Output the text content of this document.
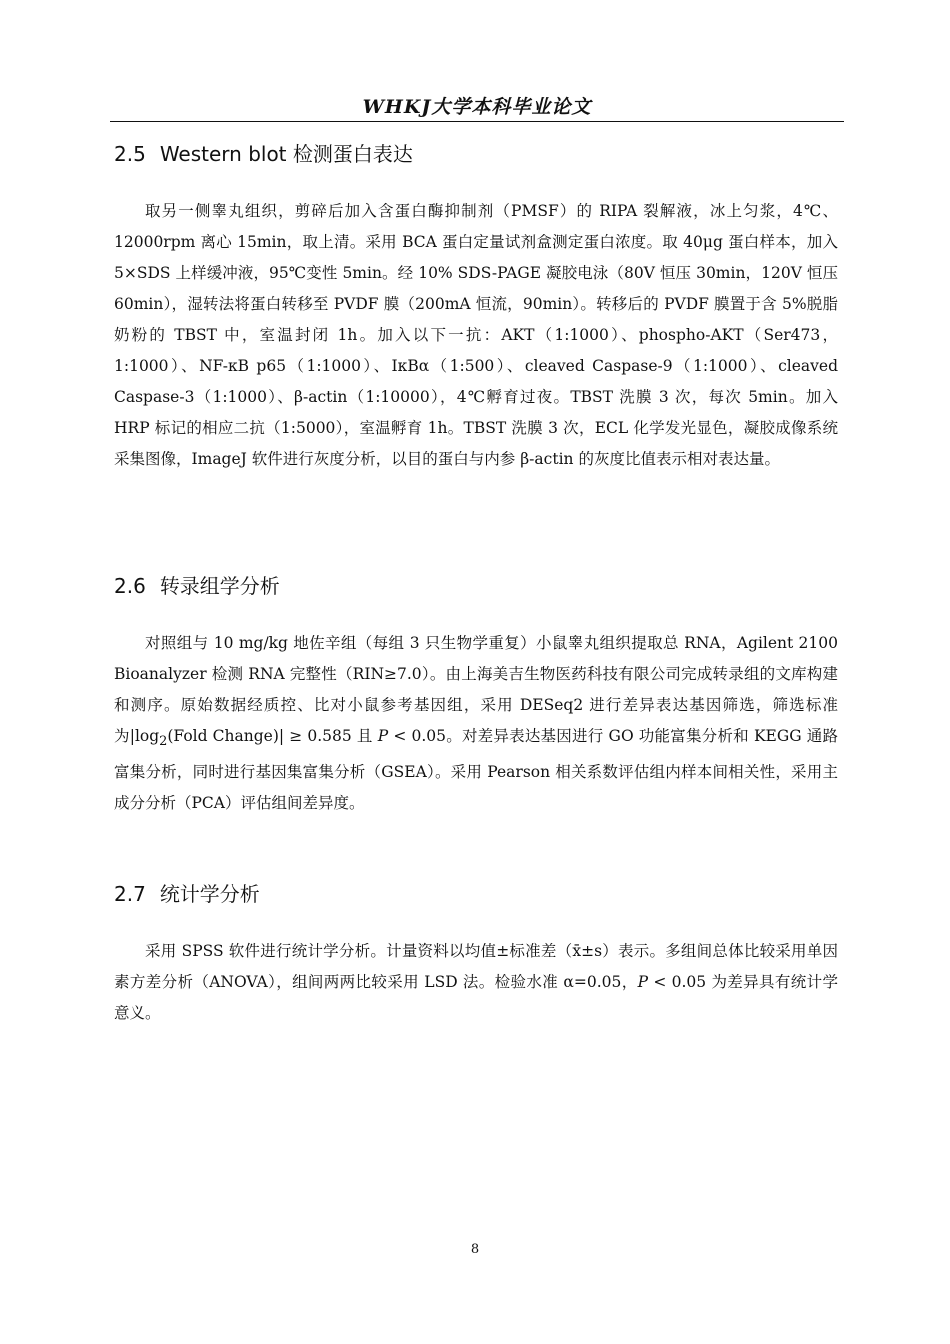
WHKJ大学本科毕业论文
2.5 Western blot 检测蛋白表达

取另一侧睾丸组织，剪碎后加入含蛋白酶抑制剂（PMSF）的 RIPA 裂解液，冰上匀浆，4℃、12000rpm 离心 15min，取上清。采用 BCA 蛋白定量试剂盒测定蛋白浓度。取 40μg 蛋白样本，加入 5×SDS 上样缓冲液，95℃变性 5min。经 10% SDS-PAGE 凝胶电泳（80V 恒压 30min，120V 恒压 60min），湿转法将蛋白转移至 PVDF 膜（200mA 恒流，90min）。转移后的 PVDF 膜置于含 5%脱脂奶粉的 TBST 中，室温封闭 1h。加入以下一抗：AKT（1:1000）、phospho-AKT（Ser473，1:1000）、NF-κB p65（1:1000）、IκBα（1:500）、cleaved Caspase-9（1:1000）、cleaved Caspase-3（1:1000）、β-actin（1:10000），4℃孵育过夜。TBST 洗膜 3 次，每次 5min。加入 HRP 标记的相应二抗（1:5000），室温孵育 1h。TBST 洗膜 3 次，ECL 化学发光显色，凝胶成像系统采集图像，ImageJ 软件进行灰度分析，以目的蛋白与内参 β-actin 的灰度比值表示相对表达量。

2.6 转录组学分析

对照组与 10 mg/kg 地佐辛组（每组 3 只生物学重复）小鼠睾丸组织提取总 RNA，Agilent 2100 Bioanalyzer 检测 RNA 完整性（RIN≥7.0）。由上海美吉生物医药科技有限公司完成转录组的文库构建和测序。原始数据经质控、比对小鼠参考基因组，采用 DESeq2 进行差异表达基因筛选，筛选标准为$|\log_2(Fold$ Change)| ≥ 0.585 且 P < 0.05。对差异表达基因进行 GO 功能富集分析和 KEGG 通路富集分析，同时进行基因集富集分析（GSEA）。采用 Pearson 相关系数评估组内样本间相关性，采用主成分分析（PCA）评估组间差异度。

2.7 统计学分析

采用 SPSS 软件进行统计学分析。计量资料以均值±标准差（x̄±s）表示。多组间总体比较采用单因素方差分析（ANOVA），组间两两比较采用 LSD 法。检验水准 α=0.05，P < 0.05 为差异具有统计学意义。

8
